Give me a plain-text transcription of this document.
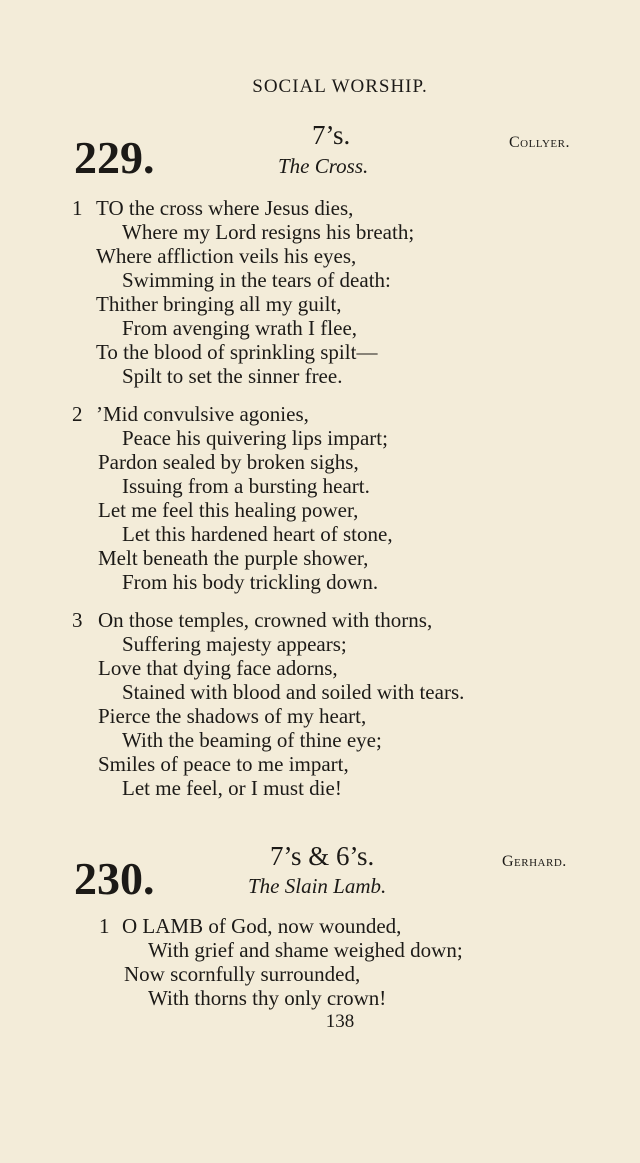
SOCIAL WORSHIP.
229.	7’s.
The Cross.
Collyer.
1 TO the cross where Jesus dies,
Where my Lord resigns his breath;
Where affliction veils his eyes,
Swimming in the tears of death:
Thither bringing all my guilt,
From avenging wrath I flee,
To the blood of sprinkling spilt—
Spilt to set the sinner free.
2 ’Mid convulsive agonies,
Peace his quivering lips impart;
Pardon sealed by broken sighs,
Issuing from a bursting heart.
Let me feel this healing power,
Let this hardened heart of stone,
Melt beneath the purple shower,
From his body trickling down.
3 On those temples, crowned with thorns,
Suffering majesty appears;
Love that dying face adorns,
Stained with blood and soiled with tears.
Pierce the shadows of my heart,
With the beaming of thine eye;
Smiles of peace to me impart,
Let me feel, or I must die!
230.	7’s & 6’s.
The Slain Lamb.
Gerhard.
1 O LAMB of God, now wounded,
With grief and shame weighed down;
Now scornfully surrounded,
With thorns thy only crown!
138
